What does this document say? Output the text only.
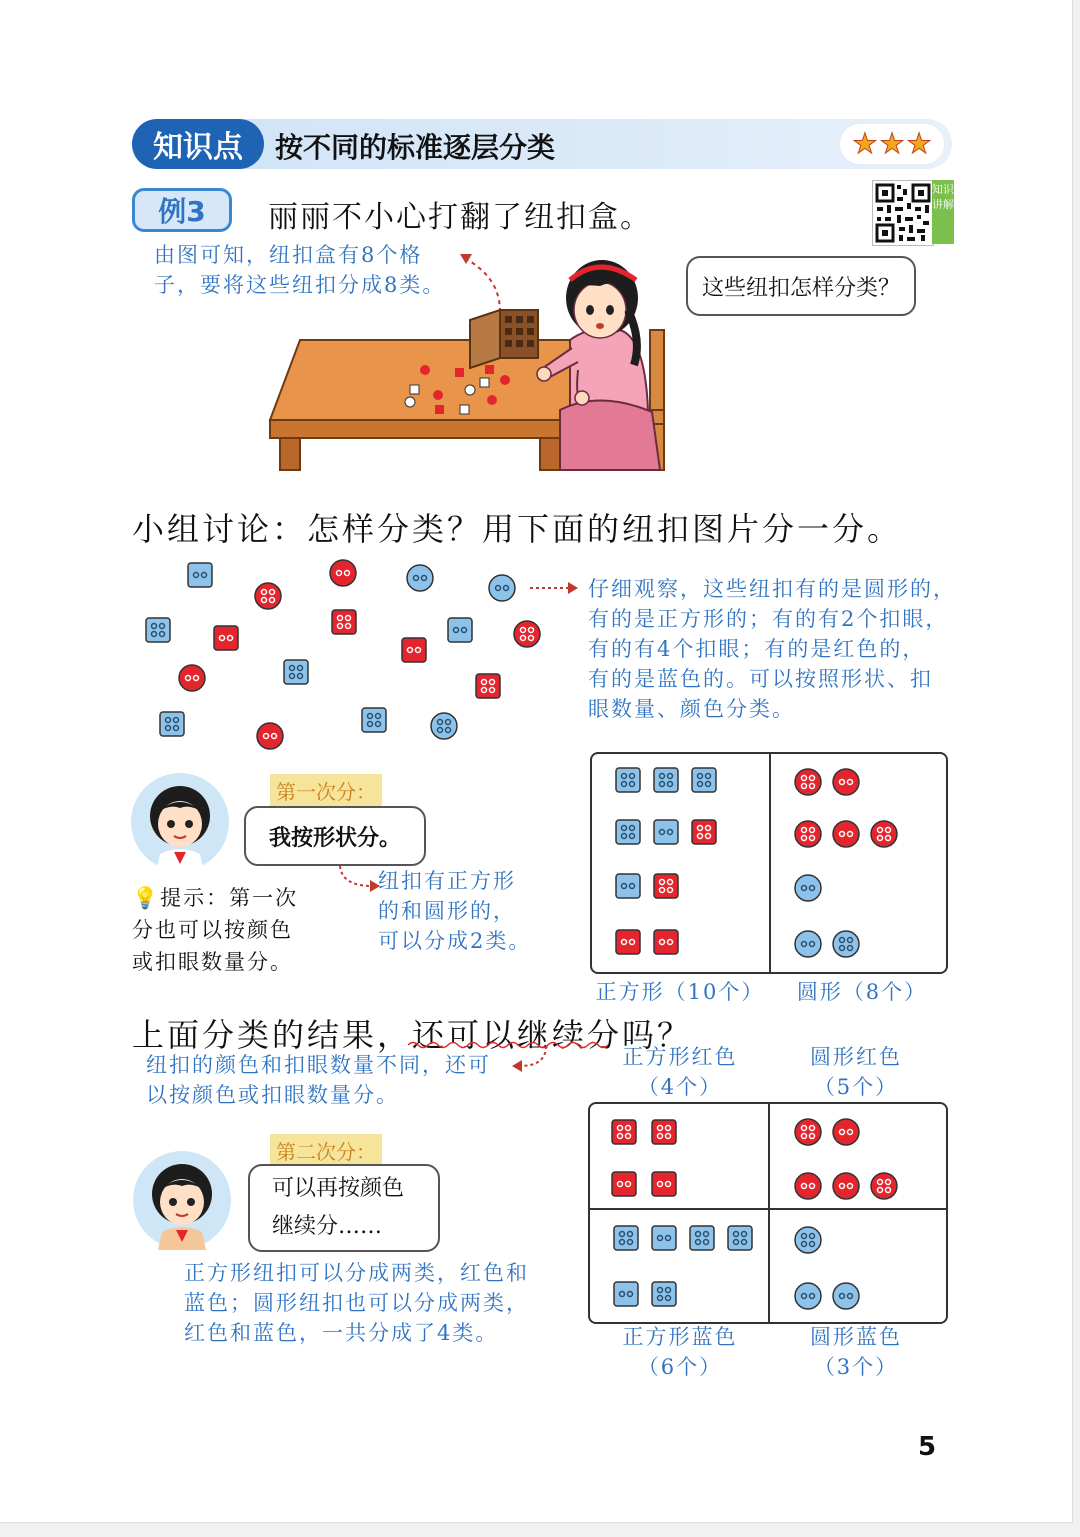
知识点	按不同的标准逐层分类	★ ★ ★
例3	丽丽不小心打翻了纽扣盒。
知识讲解
由图可知，纽扣盒有8个格
子，要将这些纽扣分成8类。	这些纽扣怎样分类？
小组讨论：怎样分类？用下面的纽扣图片分一分。
仔细观察，这些纽扣有的是圆形的，
有的是正方形的；有的有2个扣眼，
有的有4个扣眼；有的是红色的，
有的是蓝色的。可以按照形状、扣
眼数量、颜色分类。
第一次分：
我按形状分。
💡提示：第一次
分也可以按颜色
或扣眼数量分。
纽扣有正方形
的和圆形的，
可以分成2类。
正方形（10个）	圆形（8个）
上面分类的结果，还可以继续分吗？
纽扣的颜色和扣眼数量不同，还可
以按颜色或扣眼数量分。
正方形红色
（4个）
圆形红色
（5个）
第二次分：
可以再按颜色
继续分……
正方形纽扣可以分成两类，红色和
蓝色；圆形纽扣也可以分成两类，
红色和蓝色，一共分成了4类。	正方形蓝色
（6个）
圆形蓝色
（3个）
5
